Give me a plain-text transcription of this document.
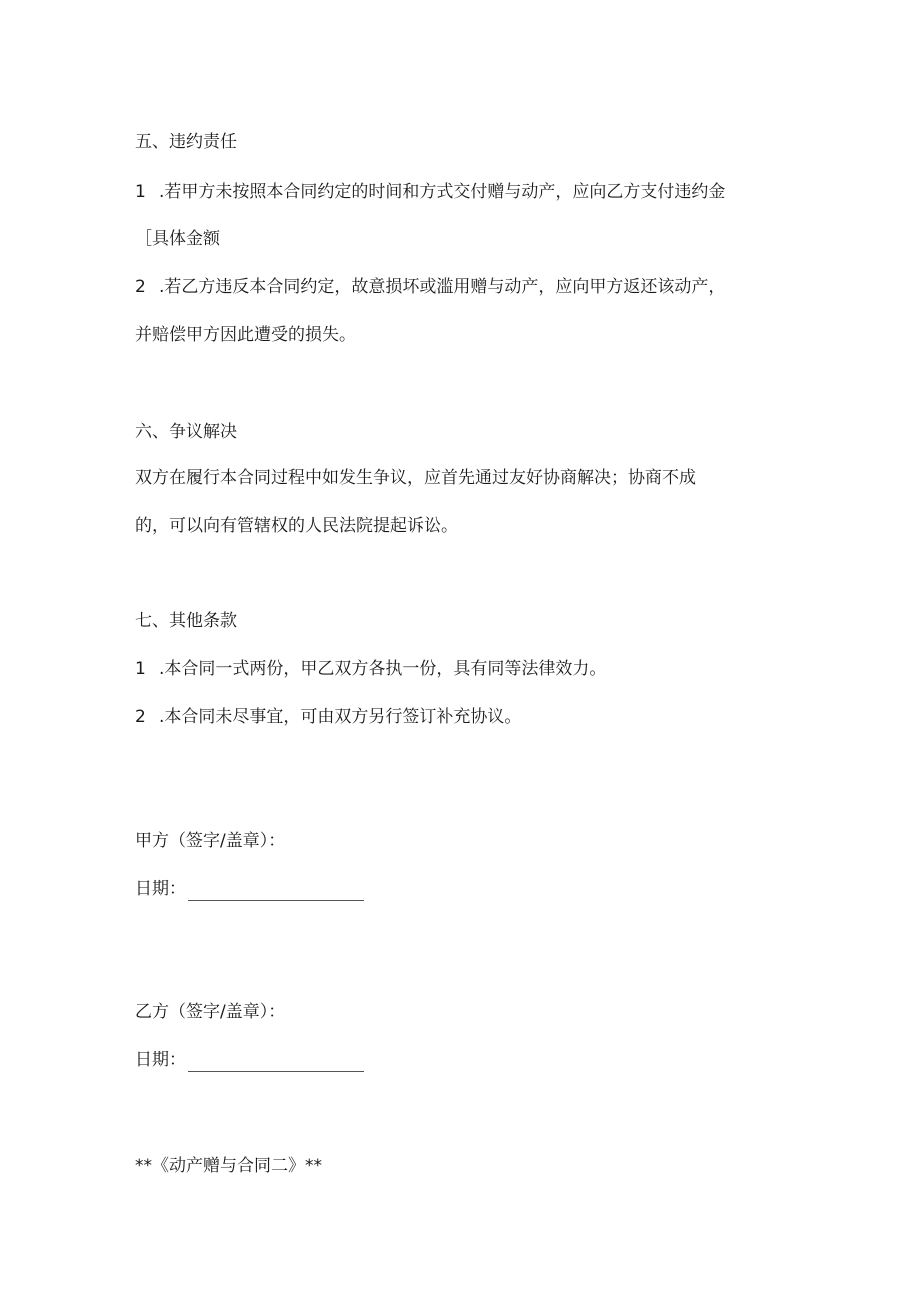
五、违约责任
1 .若甲方未按照本合同约定的时间和方式交付赠与动产，应向乙方支付违约金
［具体金额
2 .若乙方违反本合同约定，故意损坏或滥用赠与动产，应向甲方返还该动产，
并赔偿甲方因此遭受的损失。
六、争议解决
双方在履行本合同过程中如发生争议，应首先通过友好协商解决；协商不成
的，可以向有管辖权的人民法院提起诉讼。
七、其他条款
1 .本合同一式两份，甲乙双方各执一份，具有同等法律效力。
2 .本合同未尽事宜，可由双方另行签订补充协议。
甲方（签字/盖章）：
日期：
乙方（签字/盖章）：
日期：
**《动产赠与合同二》**
